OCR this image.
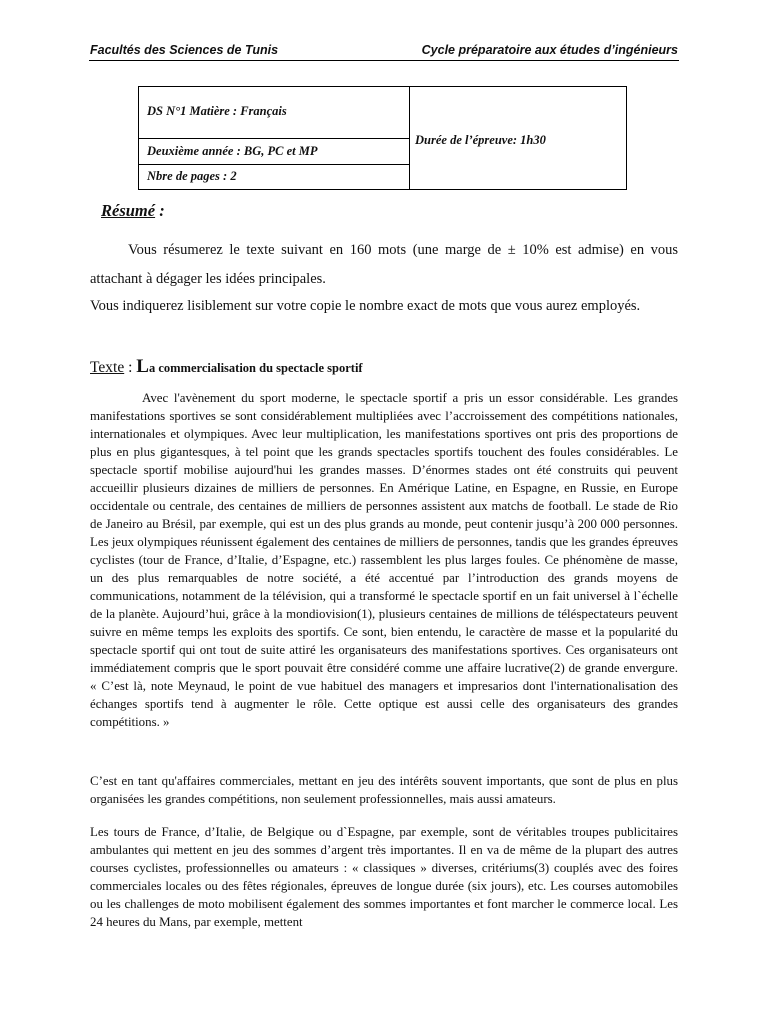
Facultés des Sciences de Tunis	Cycle préparatoire aux études d’ingénieurs
DS N°1 Matière : Français
Deuxième année : BG, PC et MP
Nbre de pages : 2
Durée de l’épreuve: 1h30
Résumé :

Vous résumerez le texte suivant en 160 mots (une marge de ± 10% est admise) en vous attachant à dégager les idées principales.

Vous indiquerez lisiblement sur votre copie le nombre exact de mots que vous aurez employés.

Texte : La commercialisation du spectacle sportif

Avec l'avènement du sport moderne, le spectacle sportif a pris un essor considérable. Les grandes manifestations sportives se sont considérablement multipliées avec l’accroissement des compétitions nationales, internationales et olympiques. Avec leur multiplication, les manifestations sportives ont pris des proportions de plus en plus gigantesques, à tel point que les grands spectacles sportifs touchent des foules considérables. Le spectacle sportif mobilise aujourd'hui les grandes masses. D’énormes stades ont été construits qui peuvent accueillir plusieurs dizaines de milliers de personnes. En Amérique Latine, en Espagne, en Russie, en Europe occidentale ou centrale, des centaines de milliers de personnes assistent aux matchs de football. Le stade de Rio de Janeiro au Brésil, par exemple, qui est un des plus grands au monde, peut contenir jusqu’à 200 000 personnes. Les jeux olympiques réunissent également des centaines de milliers de personnes, tandis que les grandes épreuves cyclistes (tour de France, d’Italie, d’Espagne, etc.) rassemblent les plus larges foules. Ce phénomène de masse, un des plus remarquables de notre société, a été accentué par l’introduction des grands moyens de communications, notamment de la télévision, qui a transformé le spectacle sportif en un fait universel à l`échelle de la planète. Aujourd’hui, grâce à la mondiovision(1), plusieurs centaines de millions de téléspectateurs peuvent suivre en même temps les exploits des sportifs. Ce sont, bien entendu, le caractère de masse et la popularité du spectacle sportif qui ont tout de suite attiré les organisateurs des manifestations sportives. Ces organisateurs ont immédiatement compris que le sport pouvait être considéré comme une affaire lucrative(2) de grande envergure. « C’est là, note Meynaud, le point de vue habituel des managers et impresarios dont l'internationalisation des échanges sportifs tend à augmenter le rôle. Cette optique est aussi celle des organisateurs des grandes compétitions. »

C’est en tant qu'affaires commerciales, mettant en jeu des intérêts souvent importants, que sont de plus en plus organisées les grandes compétitions, non seulement professionnelles, mais aussi amateurs.

Les tours de France, d’Italie, de Belgique ou d`Espagne, par exemple, sont de véritables troupes publicitaires ambulantes qui mettent en jeu des sommes d’argent très importantes. Il en va de même de la plupart des autres courses cyclistes, professionnelles ou amateurs : « classiques » diverses, critériums(3) couplés avec des foires commerciales locales ou des fêtes régionales, épreuves de longue durée (six jours), etc. Les courses automobiles ou les challenges de moto mobilisent également des sommes importantes et font marcher le commerce local. Les 24 heures du Mans, par exemple, mettent
